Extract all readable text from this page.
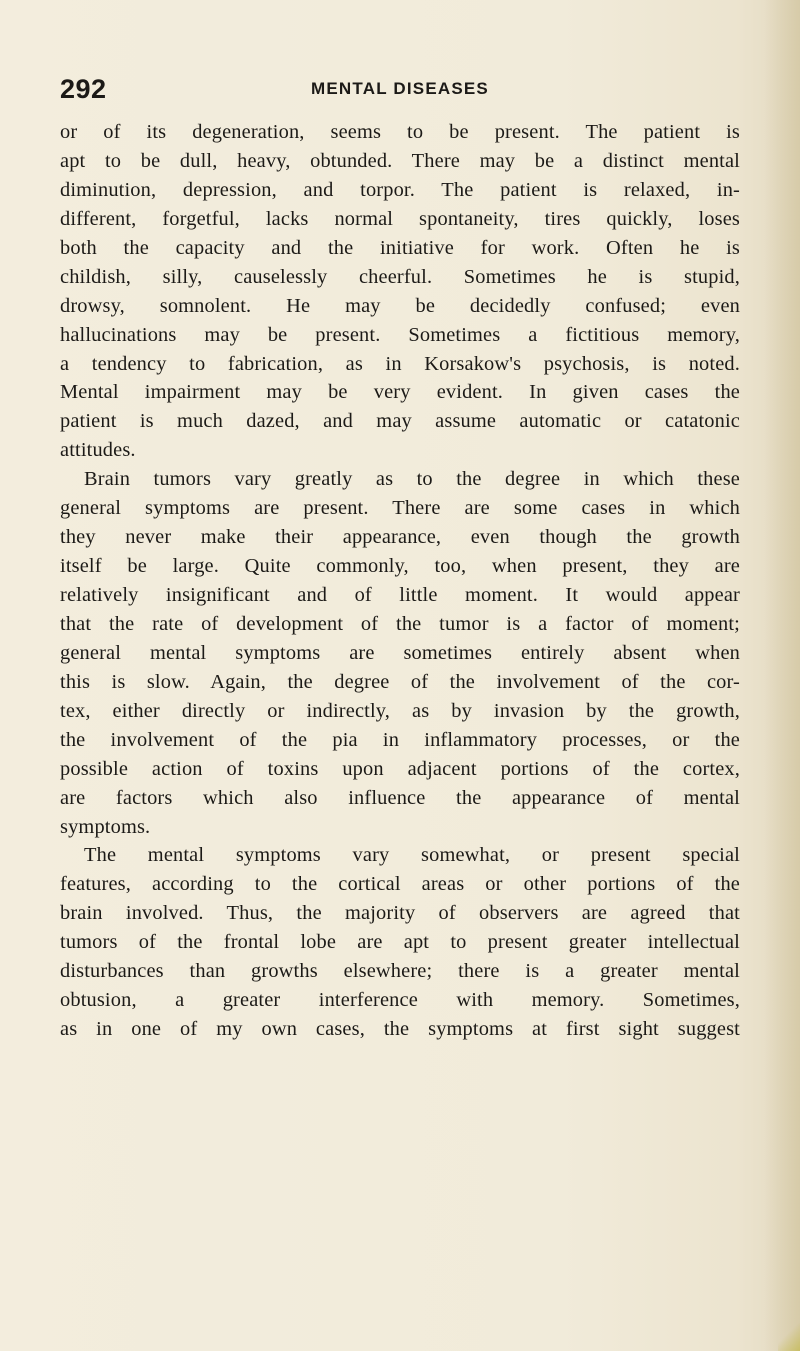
292	MENTAL DISEASES
or of its degeneration, seems to be present. The patient is
apt to be dull, heavy, obtunded. There may be a distinct mental
diminution, depression, and torpor. The patient is relaxed, in-
different, forgetful, lacks normal spontaneity, tires quickly, loses
both the capacity and the initiative for work. Often he is
childish, silly, causelessly cheerful. Sometimes he is stupid,
drowsy, somnolent. He may be decidedly confused; even
hallucinations may be present. Sometimes a fictitious memory,
a tendency to fabrication, as in Korsakow's psychosis, is noted.
Mental impairment may be very evident. In given cases the
patient is much dazed, and may assume automatic or catatonic
attitudes.
Brain tumors vary greatly as to the degree in which these
general symptoms are present. There are some cases in which
they never make their appearance, even though the growth
itself be large. Quite commonly, too, when present, they are
relatively insignificant and of little moment. It would appear
that the rate of development of the tumor is a factor of moment;
general mental symptoms are sometimes entirely absent when
this is slow. Again, the degree of the involvement of the cor-
tex, either directly or indirectly, as by invasion by the growth,
the involvement of the pia in inflammatory processes, or the
possible action of toxins upon adjacent portions of the cortex,
are factors which also influence the appearance of mental
symptoms.
The mental symptoms vary somewhat, or present special
features, according to the cortical areas or other portions of the
brain involved. Thus, the majority of observers are agreed that
tumors of the frontal lobe are apt to present greater intellectual
disturbances than growths elsewhere; there is a greater mental
obtusion, a greater interference with memory. Sometimes,
as in one of my own cases, the symptoms at first sight suggest
